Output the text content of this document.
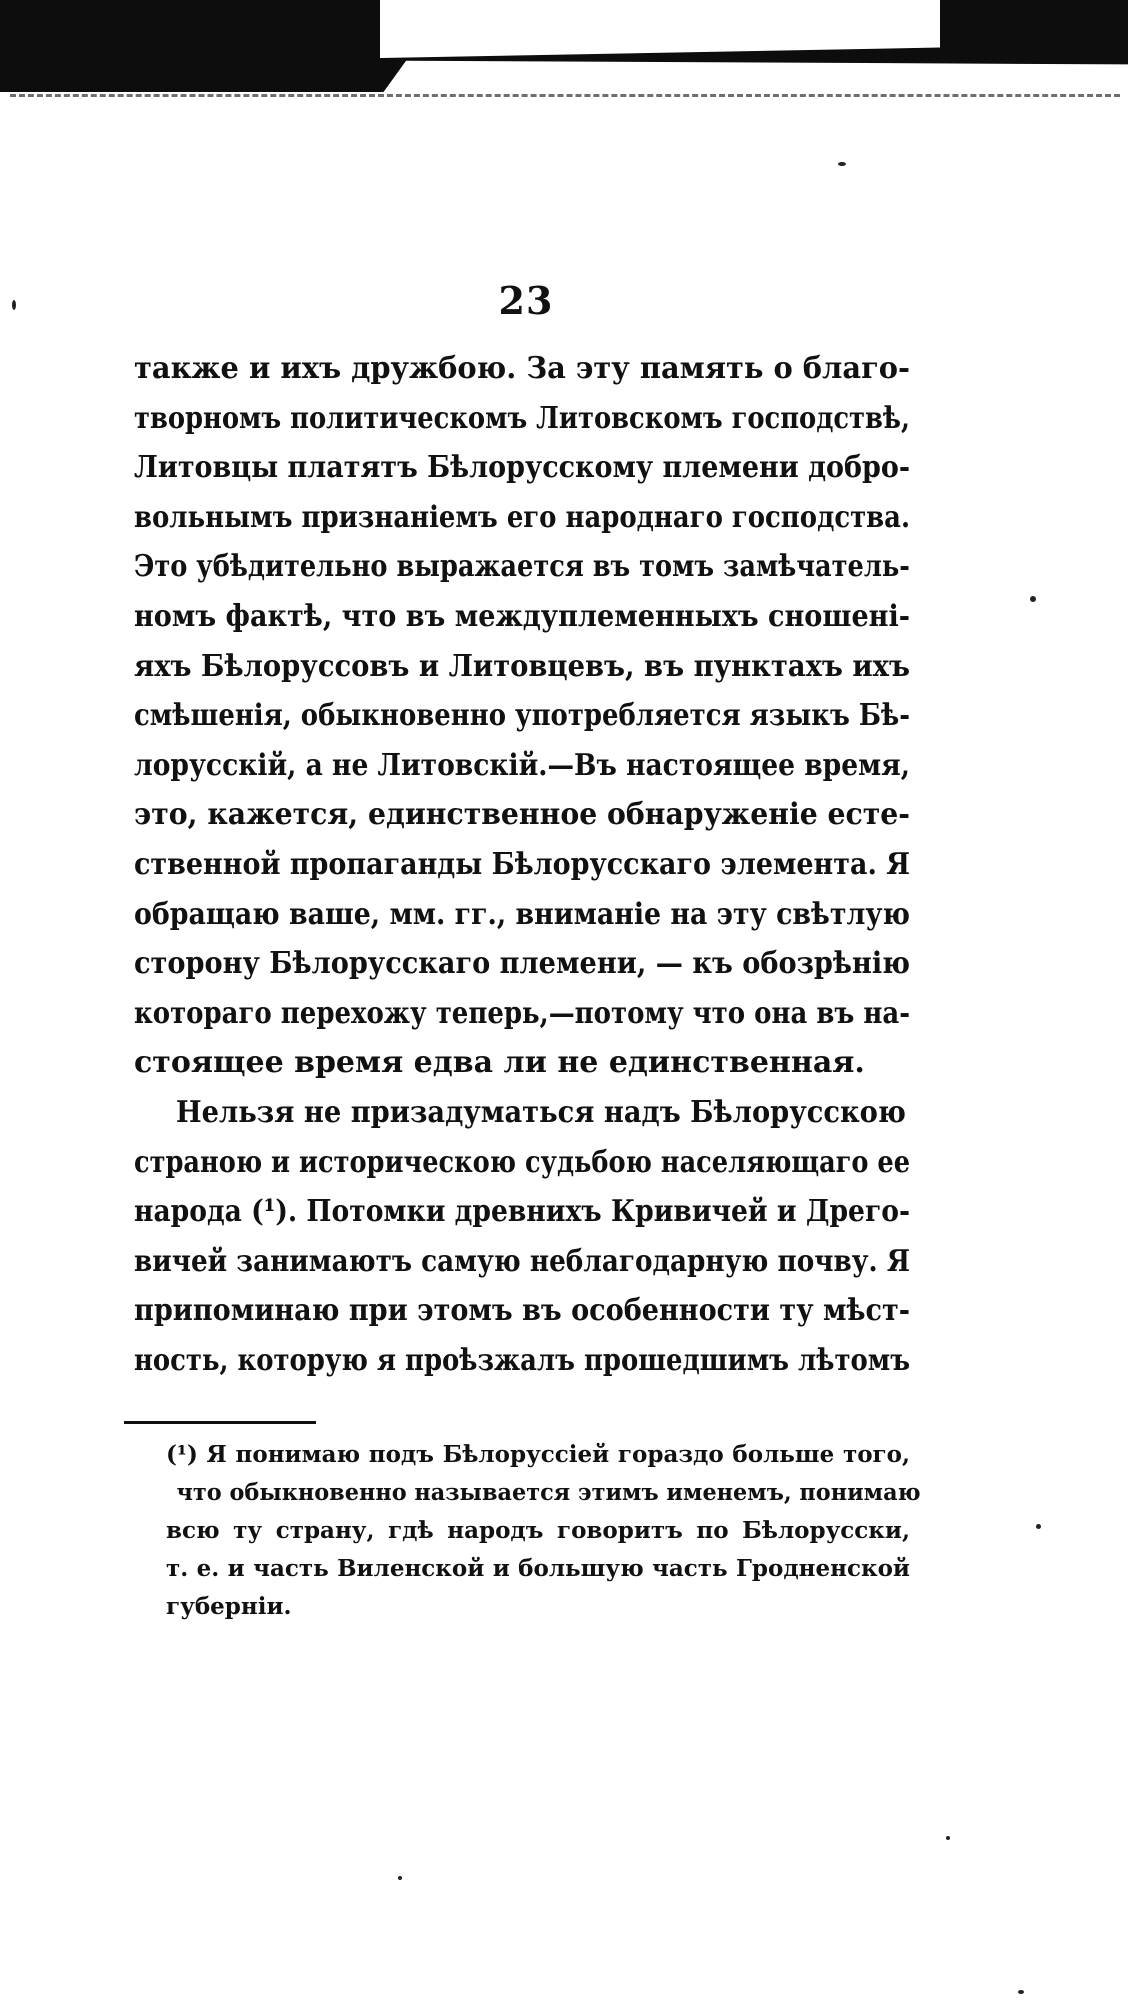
23
также и ихъ дружбою. За эту память о благо-
творномъ политическомъ Литовскомъ господствѣ,
Литовцы платятъ Бѣлорусскому племени добро-
вольнымъ признаніемъ его народнаго господства.
Это убѣдительно выражается въ томъ замѣчатель-
номъ фактѣ, что въ междуплеменныхъ сношені-
яхъ Бѣлоруссовъ и Литовцевъ, въ пунктахъ ихъ
смѣшенія, обыкновенно употребляется языкъ Бѣ-
лорусскій, а не Литовскій.—Въ настоящее время,
это, кажется, единственное обнаруженіе есте-
ственной пропаганды Бѣлорусскаго элемента. Я
обращаю ваше, мм. гг., вниманіе на эту свѣтлую
сторону Бѣлорусскаго племени, — къ обозрѣнію
котораго перехожу теперь,—потому что она въ на-
стоящее время едва ли не единственная.
Нельзя не призадуматься надъ Бѣлорусскою
страною и историческою судьбою населяющаго ее
народа (¹). Потомки древнихъ Кривичей и Дрего-
вичей занимаютъ самую неблагодарную почву. Я
припоминаю при этомъ въ особенности ту мѣст-
ность, которую я проѣзжалъ прошедшимъ лѣтомъ
(¹) Я понимаю подъ Бѣлоруссіей гораздо больше того,
что обыкновенно называется этимъ именемъ, понимаю
всю ту страну, гдѣ народъ говоритъ по Бѣлорусски,
т. е. и часть Виленской и большую часть Гродненской
губерніи.
